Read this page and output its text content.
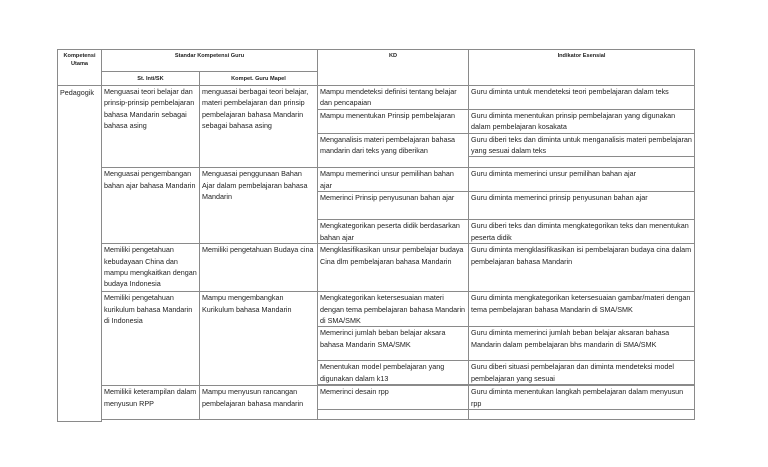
Kompetensi Utama	Standar Kompetensi Guru		KD	Indikator Esensial
	St. Inti/SK	Kompet. Guru Mapel		
Pedagogik	Menguasai teori belajar dan prinsip-prinsip pembelajaran bahasa Mandarin sebagai bahasa asing	menguasai berbagai teori belajar, materi pembelajaran dan prinsip pembelajaran bahasa Mandarin sebagai bahasa asing	Mampu mendeteksi definisi tentang belajar dan pencapaian	Guru diminta untuk mendeteksi teori pembelajaran dalam teks
			Mampu menentukan Prinsip pembelajaran	Guru diminta menentukan prinsip pembelajaran yang digunakan dalam pembelajaran kosakata
			Menganalisis materi pembelajaran bahasa mandarin dari teks yang diberikan	Guru diberi teks dan diminta untuk menganalisis materi pembelajaran yang sesuai dalam teks

	Menguasai pengembangan bahan ajar bahasa Mandarin	Menguasai penggunaan Bahan Ajar dalam pembelajaran bahasa Mandarin	Mampu memerinci unsur pemilihan bahan ajar	Guru diminta memerinci unsur pemilihan bahan ajar
			Memerinci Prinsip penyusunan bahan ajar	Guru diminta memerinci prinsip penyusunan bahan ajar
			Mengkategorikan peserta didik berdasarkan bahan ajar	Guru diberi teks dan diminta mengkategorikan teks dan menentukan peserta didik
	Memiliki pengetahuan kebudayaan China dan mampu mengkaitkan dengan budaya Indonesia	Memiliki pengetahuan Budaya cina	Mengklasifikasikan unsur pembelajar budaya Cina dlm pembelajaran bahasa Mandarin	Guru diminta mengklasifikasikan isi pembelajaran budaya cina dalam pembelajaran bahasa Mandarin
	Memiliki pengetahuan kurikulum bahasa Mandarin di Indonesia	Mampu mengembangkan Kurikulum bahasa Mandarin	Mengkategorikan ketersesuaian materi dengan tema pembelajaran bahasa Mandarin di SMA/SMK	Guru diminta mengkategorikan ketersesuaian gambar/materi dengan tema pembelajaran bahasa Mandarin di SMA/SMK
			Memerinci jumlah beban belajar aksara bahasa Mandarin SMA/SMK	Guru diminta memerinci jumlah beban belajar aksaran bahasa Mandarin dalam pembelajaran bhs mandarin di SMA/SMK
			Menentukan model pembelajaran yang digunakan dalam k13	Guru diberi situasi pembelajaran dan diminta mendeteksi model pembelajaran yang sesuai

	Memilikii keterampilan dalam menyusun RPP	Mampu menyusun rancangan pembelajaran bahasa mandarin	Memerinci desain rpp	Guru diminta menentukan langkah pembelajaran dalam menyusun rpp
